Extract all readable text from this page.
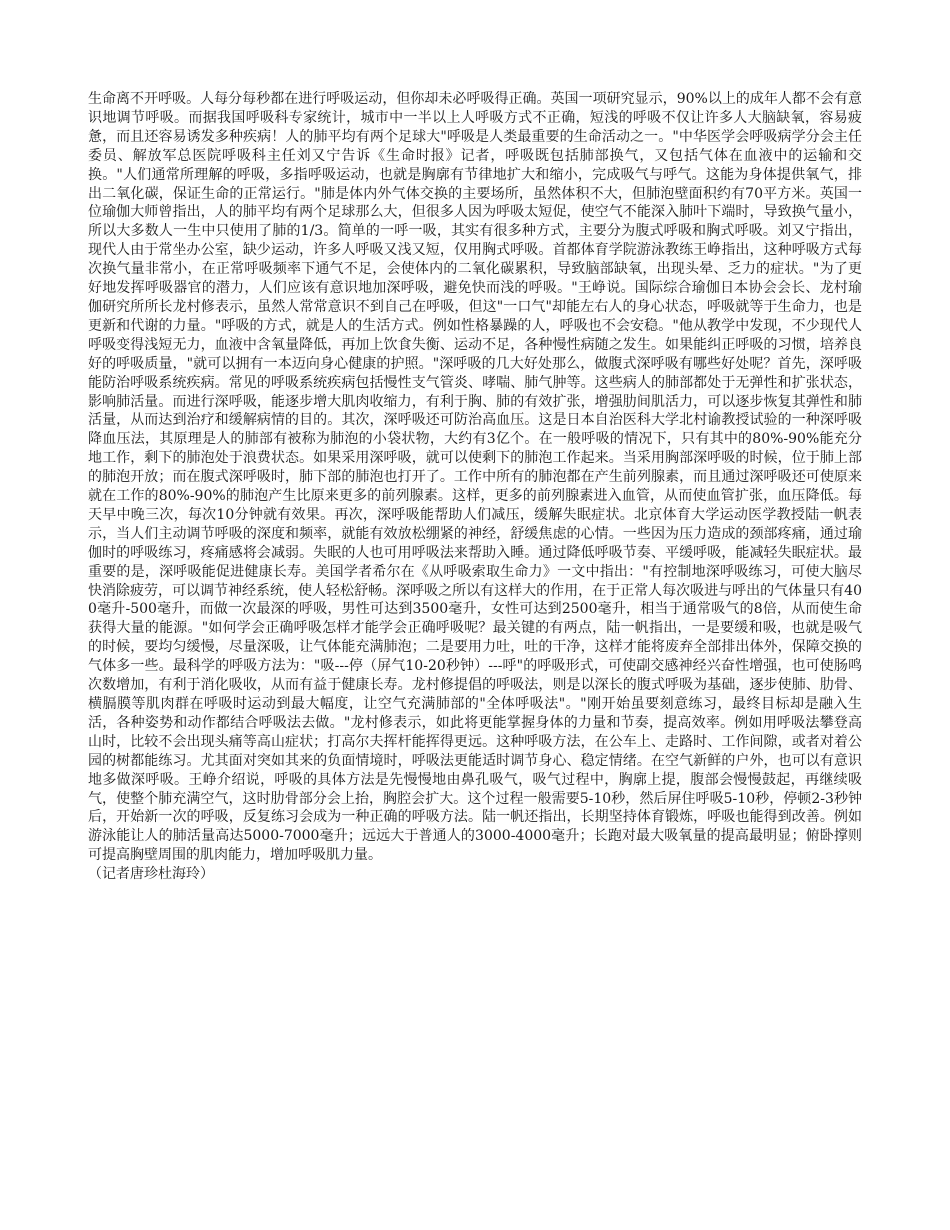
生命离不开呼吸。人每分每秒都在进行呼吸运动，但你却未必呼吸得正确。英国一项研究显示，90%以上的成年人都不会有意识地调节呼吸。而据我国呼吸科专家统计，城市中一半以上人呼吸方式不正确，短浅的呼吸不仅让许多人大脑缺氧，容易疲惫，而且还容易诱发多种疾病！人的肺平均有两个足球大"呼吸是人类最重要的生命活动之一。"中华医学会呼吸病学分会主任委员、解放军总医院呼吸科主任刘又宁告诉《生命时报》记者，呼吸既包括肺部换气，又包括气体在血液中的运输和交换。"人们通常所理解的呼吸，多指呼吸运动，也就是胸廓有节律地扩大和缩小，完成吸气与呼气。这能为身体提供氧气，排出二氧化碳，保证生命的正常运行。"肺是体内外气体交换的主要场所，虽然体积不大，但肺泡壁面积约有70平方米。英国一位瑜伽大师曾指出，人的肺平均有两个足球那么大，但很多人因为呼吸太短促，使空气不能深入肺叶下端时，导致换气量小，所以大多数人一生中只使用了肺的1/3。简单的一呼一吸，其实有很多种方式，主要分为腹式呼吸和胸式呼吸。刘又宁指出，现代人由于常坐办公室，缺少运动，许多人呼吸又浅又短，仅用胸式呼吸。首都体育学院游泳教练王峥指出，这种呼吸方式每次换气量非常小，在正常呼吸频率下通气不足，会使体内的二氧化碳累积，导致脑部缺氧，出现头晕、乏力的症状。"为了更好地发挥呼吸器官的潜力，人们应该有意识地加深呼吸，避免快而浅的呼吸。"王峥说。国际综合瑜伽日本协会会长、龙村瑜伽研究所所长龙村修表示，虽然人常常意识不到自己在呼吸，但这"一口气"却能左右人的身心状态，呼吸就等于生命力，也是更新和代谢的力量。"呼吸的方式，就是人的生活方式。例如性格暴躁的人，呼吸也不会安稳。"他从教学中发现，不少现代人呼吸变得浅短无力，血液中含氧量降低，再加上饮食失衡、运动不足，各种慢性病随之发生。如果能纠正呼吸的习惯，培养良好的呼吸质量，"就可以拥有一本迈向身心健康的护照。"深呼吸的几大好处那么，做腹式深呼吸有哪些好处呢？首先，深呼吸能防治呼吸系统疾病。常见的呼吸系统疾病包括慢性支气管炎、哮喘、肺气肿等。这些病人的肺部都处于无弹性和扩张状态，影响肺活量。而进行深呼吸，能逐步增大肌肉收缩力，有利于胸、肺的有效扩张，增强肋间肌活力，可以逐步恢复其弹性和肺活量，从而达到治疗和缓解病情的目的。其次，深呼吸还可防治高血压。这是日本自治医科大学北村谕教授试验的一种深呼吸降血压法，其原理是人的肺部有被称为肺泡的小袋状物，大约有3亿个。在一般呼吸的情况下，只有其中的80%-90%能充分地工作，剩下的肺泡处于浪费状态。如果采用深呼吸，就可以使剩下的肺泡工作起来。当采用胸部深呼吸的时候，位于肺上部的肺泡开放；而在腹式深呼吸时，肺下部的肺泡也打开了。工作中所有的肺泡都在产生前列腺素，而且通过深呼吸还可使原来就在工作的80%-90%的肺泡产生比原来更多的前列腺素。这样，更多的前列腺素进入血管，从而使血管扩张，血压降低。每天早中晚三次，每次10分钟就有效果。再次，深呼吸能帮助人们减压，缓解失眠症状。北京体育大学运动医学教授陆一帆表示，当人们主动调节呼吸的深度和频率，就能有效放松绷紧的神经，舒缓焦虑的心情。一些因为压力造成的颈部疼痛，通过瑜伽时的呼吸练习，疼痛感将会减弱。失眠的人也可用呼吸法来帮助入睡。通过降低呼吸节奏、平缓呼吸，能减轻失眠症状。最重要的是，深呼吸能促进健康长寿。美国学者希尔在《从呼吸索取生命力》一文中指出："有控制地深呼吸练习，可使大脑尽快消除疲劳，可以调节神经系统，使人轻松舒畅。深呼吸之所以有这样大的作用，在于正常人每次吸进与呼出的气体量只有400毫升-500毫升，而做一次最深的呼吸，男性可达到3500毫升，女性可达到2500毫升，相当于通常吸气的8倍，从而使生命获得大量的能源。"如何学会正确呼吸怎样才能学会正确呼吸呢？最关键的有两点，陆一帆指出，一是要缓和吸，也就是吸气的时候，要均匀缓慢，尽量深吸，让气体能充满肺泡；二是要用力吐，吐的干净，这样才能将废弃全部排出体外，保障交换的气体多一些。最科学的呼吸方法为："吸---停（屏气10-20秒钟）---呼"的呼吸形式，可使副交感神经兴奋性增强，也可使肠鸣次数增加，有利于消化吸收，从而有益于健康长寿。龙村修提倡的呼吸法，则是以深长的腹式呼吸为基础，逐步使肺、肋骨、横膈膜等肌肉群在呼吸时运动到最大幅度，让空气充满肺部的"全体呼吸法"。"刚开始虽要刻意练习，最终目标却是融入生活，各种姿势和动作都结合呼吸法去做。"龙村修表示，如此将更能掌握身体的力量和节奏，提高效率。例如用呼吸法攀登高山时，比较不会出现头痛等高山症状；打高尔夫挥杆能挥得更远。这种呼吸方法，在公车上、走路时、工作间隙，或者对着公园的树都能练习。尤其面对突如其来的负面情境时，呼吸法更能适时调节身心、稳定情绪。在空气新鲜的户外，也可以有意识地多做深呼吸。王峥介绍说，呼吸的具体方法是先慢慢地由鼻孔吸气，吸气过程中，胸廓上提，腹部会慢慢鼓起，再继续吸气，使整个肺充满空气，这时肋骨部分会上抬，胸腔会扩大。这个过程一般需要5-10秒，然后屏住呼吸5-10秒，停顿2-3秒钟后，开始新一次的呼吸，反复练习会成为一种正确的呼吸方法。陆一帆还指出，长期坚持体育锻炼，呼吸也能得到改善。例如游泳能让人的肺活量高达5000-7000毫升；远远大于普通人的3000-4000毫升；长跑对最大吸氧量的提高最明显；俯卧撑则可提高胸壁周围的肌肉能力，增加呼吸肌力量。

（记者唐珍杜海玲）
